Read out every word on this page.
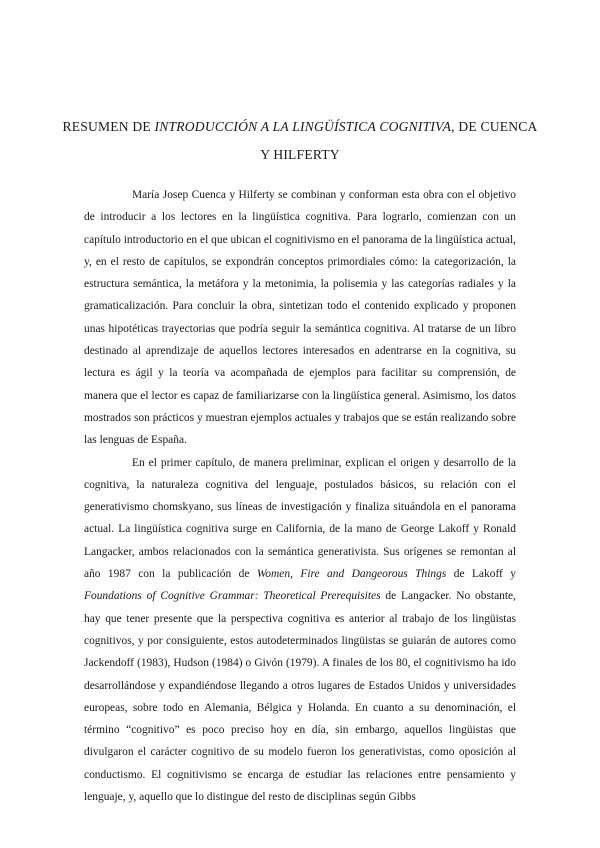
RESUMEN DE INTRODUCCIÓN A LA LINGÜÍSTICA COGNITIVA, DE CUENCA Y HILFERTY

María Josep Cuenca y Hilferty se combinan y conforman esta obra con el objetivo de introducir a los lectores en la lingüística cognitiva. Para lograrlo, comienzan con un capítulo introductorio en el que ubican el cognitivismo en el panorama de la lingüística actual, y, en el resto de capítulos, se expondrán conceptos primordiales cómo: la categorización, la estructura semántica, la metáfora y la metonimia, la polisemia y las categorías radiales y la gramaticalización. Para concluir la obra, sintetizan todo el contenido explicado y proponen unas hipotéticas trayectorias que podría seguir la semántica cognitiva. Al tratarse de un libro destinado al aprendizaje de aquellos lectores interesados en adentrarse en la cognitiva, su lectura es ágil y la teoría va acompañada de ejemplos para facilitar su comprensión, de manera que el lector es capaz de familiarizarse con la lingüística general. Asimismo, los datos mostrados son prácticos y muestran ejemplos actuales y trabajos que se están realizando sobre las lenguas de España.

En el primer capítulo, de manera preliminar, explican el origen y desarrollo de la cognitiva, la naturaleza cognitiva del lenguaje, postulados básicos, su relación con el generativismo chomskyano, sus líneas de investigación y finaliza situándola en el panorama actual. La lingüística cognitiva surge en California, de la mano de George Lakoff y Ronald Langacker, ambos relacionados con la semántica generativista. Sus orígenes se remontan al año 1987 con la publicación de Women, Fire and Dangeorous Things de Lakoff y Foundations of Cognitive Grammar: Theoretical Prerequisites de Langacker. No obstante, hay que tener presente que la perspectiva cognitiva es anterior al trabajo de los lingüistas cognitivos, y por consiguiente, estos autodeterminados lingüistas se guiarán de autores como Jackendoff (1983), Hudson (1984) o Givón (1979). A finales de los 80, el cognitivismo ha ido desarrollándose y expandiéndose llegando a otros lugares de Estados Unidos y universidades europeas, sobre todo en Alemania, Bélgica y Holanda. En cuanto a su denominación, el término “cognitivo” es poco preciso hoy en día, sin embargo, aquellos lingüistas que divulgaron el carácter cognitivo de su modelo fueron los generativistas, como oposición al conductismo. El cognitivismo se encarga de estudiar las relaciones entre pensamiento y lenguaje, y, aquello que lo distingue del resto de disciplinas según Gibbs
